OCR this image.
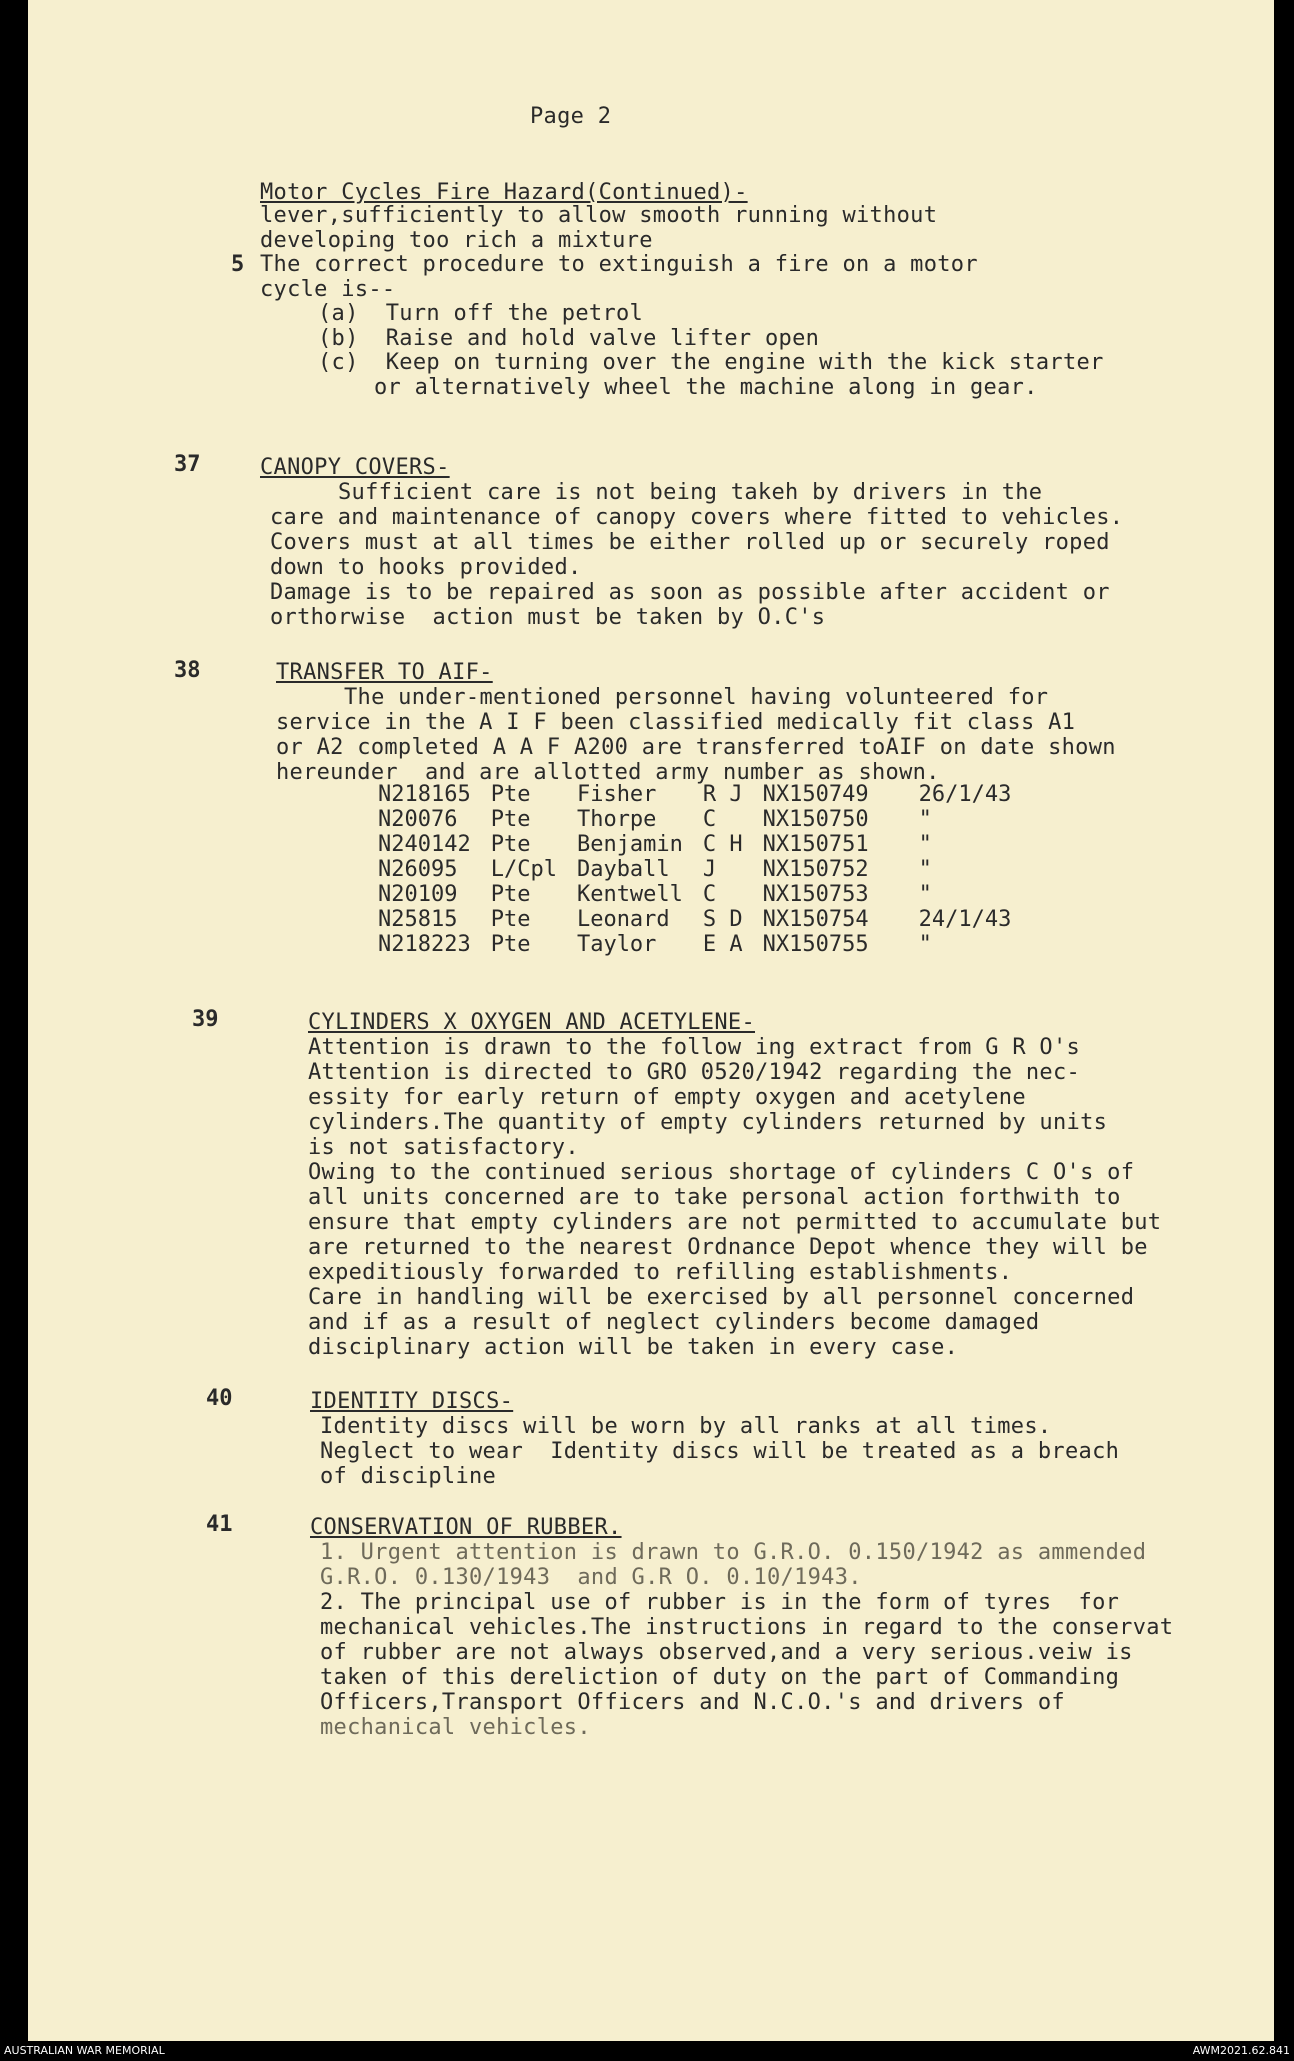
Page 2
Motor Cycles Fire Hazard(Continued)-
lever,sufficiently to allow smooth running without
developing too rich a mixture
5 The correct procedure to extinguish a fire on a motor
cycle is--
(a)  Turn off the petrol
(b)  Raise and hold valve lifter open
(c)  Keep on turning over the engine with the kick starter
or alternatively wheel the machine along in gear.
37	CANOPY COVERS-
Sufficient care is not being takeh by drivers in the
care and maintenance of canopy covers where fitted to vehicles.
Covers must at all times be either rolled up or securely roped
down to hooks provided.
Damage is to be repaired as soon as possible after accident or
orthorwise  action must be taken by O.C's
38	TRANSFER TO AIF-
The under-mentioned personnel having volunteered for
service in the A I F been classified medically fit class A1
or A2 completed A A F A200 are transferred toAIF on date shown
hereunder  and are allotted army number as shown.
N218165	Pte	Fisher	R J	NX150749	26/1/43
N20076	Pte	Thorpe	C	NX150750	"
N240142	Pte	Benjamin	C H	NX150751	"
N26095	L/Cpl	Dayball	J	NX150752	"
N20109	Pte	Kentwell	C	NX150753	"
N25815	Pte	Leonard	S D	NX150754	24/1/43
N218223	Pte	Taylor	E A	NX150755	"
39	CYLINDERS X OXYGEN AND ACETYLENE-
Attention is drawn to the follow ing extract from G R O's
Attention is directed to GRO 0520/1942 regarding the nec-
essity for early return of empty oxygen and acetylene
cylinders.The quantity of empty cylinders returned by units
is not satisfactory.
Owing to the continued serious shortage of cylinders C O's of
all units concerned are to take personal action forthwith to
ensure that empty cylinders are not permitted to accumulate but
are returned to the nearest Ordnance Depot whence they will be
expeditiously forwarded to refilling establishments.
Care in handling will be exercised by all personnel concerned
and if as a result of neglect cylinders become damaged
disciplinary action will be taken in every case.
40	IDENTITY DISCS-
Identity discs will be worn by all ranks at all times.
Neglect to wear  Identity discs will be treated as a breach
of discipline
41	CONSERVATION OF RUBBER.
1. Urgent attention is drawn to G.R.O. 0.150/1942 as ammended
G.R.O. 0.130/1943  and G.R O. 0.10/1943.
2. The principal use of rubber is in the form of tyres  for
mechanical vehicles.The instructions in regard to the conservat
of rubber are not always observed,and a very serious.veiw is
taken of this dereliction of duty on the part of Commanding
Officers,Transport Officers and N.C.O.'s and drivers of
mechanical vehicles.
AUSTRALIAN WAR MEMORIAL	AWM2021.62.841
